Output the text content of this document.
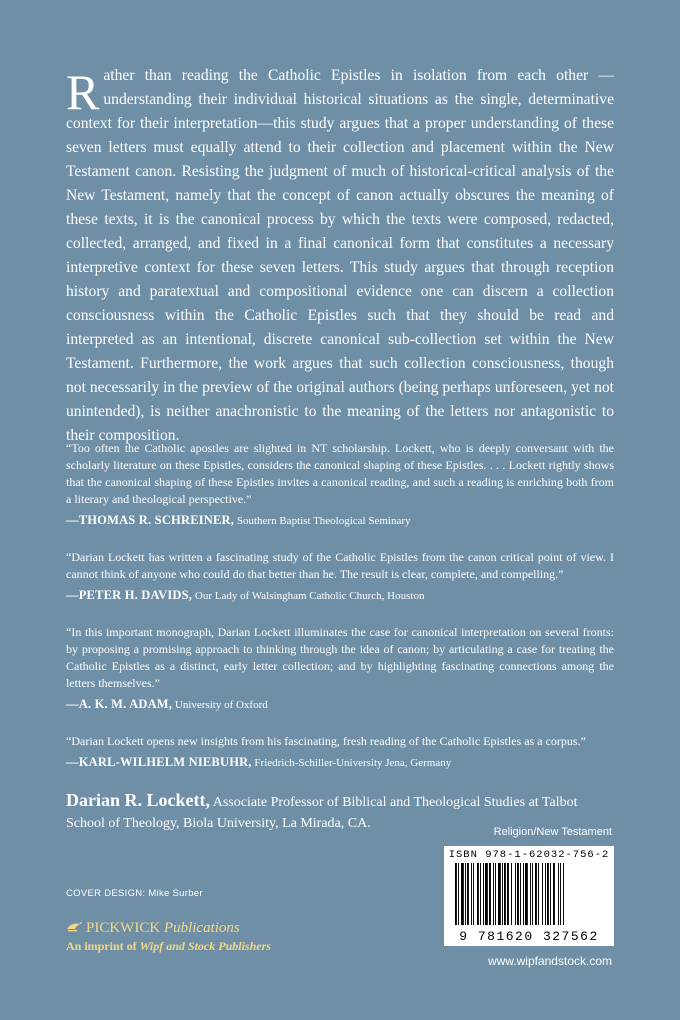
Rather than reading the Catholic Epistles in isolation from each other —understanding their individual historical situations as the single, determinative context for their interpretation—this study argues that a proper understanding of these seven letters must equally attend to their collection and placement within the New Testament canon. Resisting the judgment of much of historical-critical analysis of the New Testament, namely that the concept of canon actually obscures the meaning of these texts, it is the canonical process by which the texts were composed, redacted, collected, arranged, and fixed in a final canonical form that constitutes a necessary interpretive context for these seven letters. This study argues that through reception history and paratextual and compositional evidence one can discern a collection consciousness within the Catholic Epistles such that they should be read and interpreted as an intentional, discrete canonical sub-collection set within the New Testament. Furthermore, the work argues that such collection consciousness, though not necessarily in the preview of the original authors (being perhaps unforeseen, yet not unintended), is neither anachronistic to the meaning of the letters nor antagonistic to their composition.

“Too often the Catholic apostles are slighted in NT scholarship. Lockett, who is deeply conversant with the scholarly literature on these Epistles, considers the canonical shaping of these Epistles. . . . Lockett rightly shows that the canonical shaping of these Epistles invites a canonical reading, and such a reading is enriching both from a literary and theological perspective.”

—THOMAS R. SCHREINER, Southern Baptist Theological Seminary

“Darian Lockett has written a fascinating study of the Catholic Epistles from the canon critical point of view. I cannot think of anyone who could do that better than he. The result is clear, complete, and compelling.”

—PETER H. DAVIDS, Our Lady of Walsingham Catholic Church, Houston

“In this important monograph, Darian Lockett illuminates the case for canonical interpretation on several fronts: by proposing a promising approach to thinking through the idea of canon; by articulating a case for treating the Catholic Epistles as a distinct, early letter collection; and by highlighting fascinating connections among the letters themselves.”

—A. K. M. ADAM, University of Oxford

“Darian Lockett opens new insights from his fascinating, fresh reading of the Catholic Epistles as a corpus.”

—KARL-WILHELM NIEBUHR, Friedrich-Schiller-University Jena, Germany
Darian R. Lockett, Associate Professor of Biblical and Theological Studies at Talbot School of Theology, Biola University, La Mirada, CA.
Religion/New Testament
ISBN 978-1-62032-756-2
9 781620 327562
www.wipfandstock.com
COVER DESIGN: Mike Surber
PICKWICK
Publications
An imprint of Wipf and Stock Publishers
